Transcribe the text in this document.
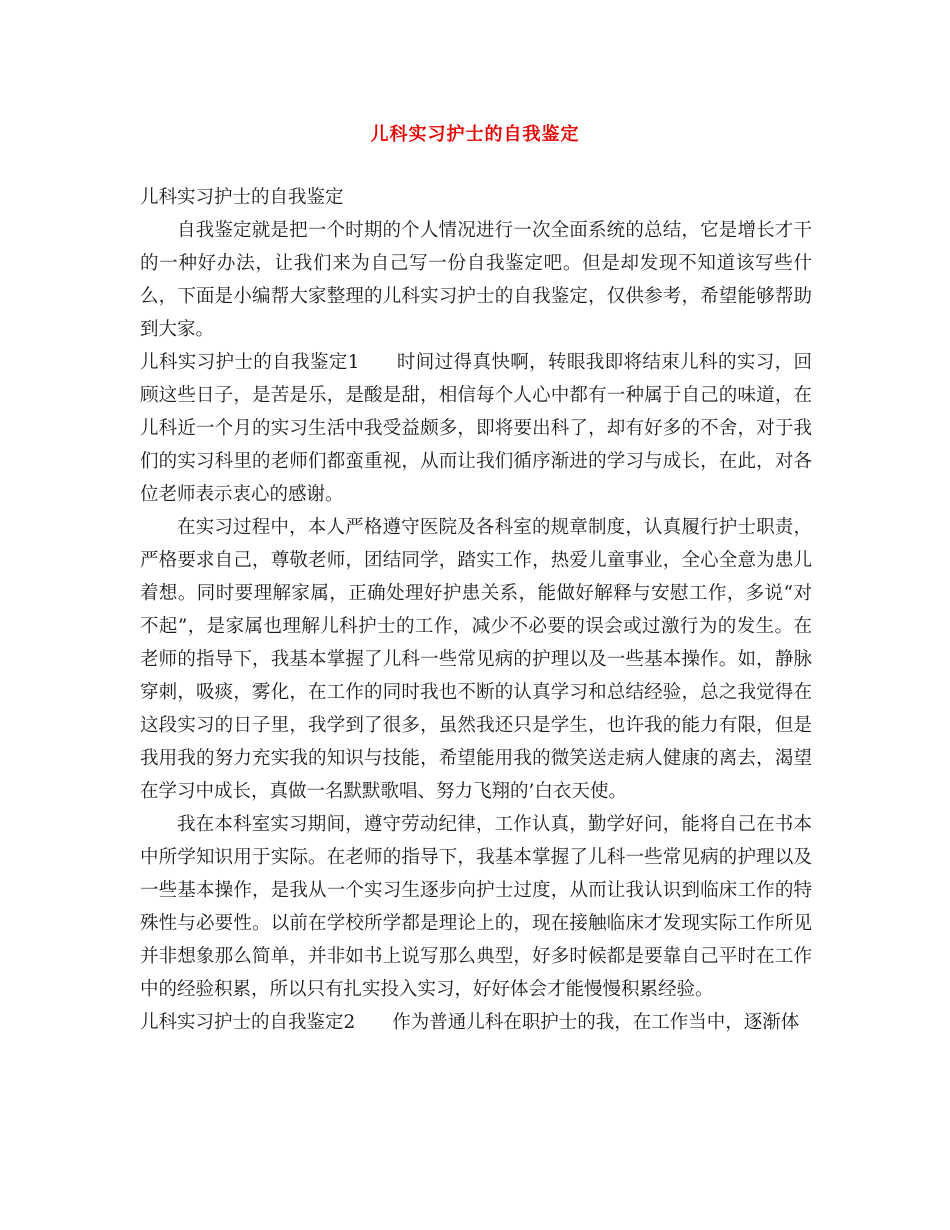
儿科实习护士的自我鉴定

儿科实习护士的自我鉴定

自我鉴定就是把一个时期的个人情况进行一次全面系统的总结，它是增长才干的一种好办法，让我们来为自己写一份自我鉴定吧。但是却发现不知道该写些什么，下面是小编帮大家整理的儿科实习护士的自我鉴定，仅供参考，希望能够帮助到大家。

儿科实习护士的自我鉴定1 时间过得真快啊，转眼我即将结束儿科的实习，回顾这些日子，是苦是乐，是酸是甜，相信每个人心中都有一种属于自己的味道，在儿科近一个月的实习生活中我受益颇多，即将要出科了，却有好多的不舍，对于我们的实习科里的老师们都蛮重视，从而让我们循序渐进的学习与成长，在此，对各位老师表示衷心的感谢。

在实习过程中，本人严格遵守医院及各科室的规章制度，认真履行护士职责，严格要求自己，尊敬老师，团结同学，踏实工作，热爱儿童事业，全心全意为患儿着想。同时要理解家属，正确处理好护患关系，能做好解释与安慰工作，多说“对不起”，是家属也理解儿科护士的工作，减少不必要的误会或过激行为的发生。在老师的指导下，我基本掌握了儿科一些常见病的护理以及一些基本操作。如，静脉穿刺，吸痰，雾化，在工作的同时我也不断的认真学习和总结经验，总之我觉得在这段实习的日子里，我学到了很多，虽然我还只是学生，也许我的能力有限，但是我用我的努力充实我的知识与技能，希望能用我的微笑送走病人健康的离去，渴望在学习中成长，真做一名默默歌唱、努力飞翔的’白衣天使。

我在本科室实习期间，遵守劳动纪律，工作认真，勤学好问，能将自己在书本中所学知识用于实际。在老师的指导下，我基本掌握了儿科一些常见病的护理以及一些基本操作，是我从一个实习生逐步向护士过度，从而让我认识到临床工作的特殊性与必要性。以前在学校所学都是理论上的，现在接触临床才发现实际工作所见并非想象那么简单，并非如书上说写那么典型，好多时候都是要靠自己平时在工作中的经验积累，所以只有扎实投入实习，好好体会才能慢慢积累经验。

儿科实习护士的自我鉴定2 作为普通儿科在职护士的我，在工作当中，逐渐体
